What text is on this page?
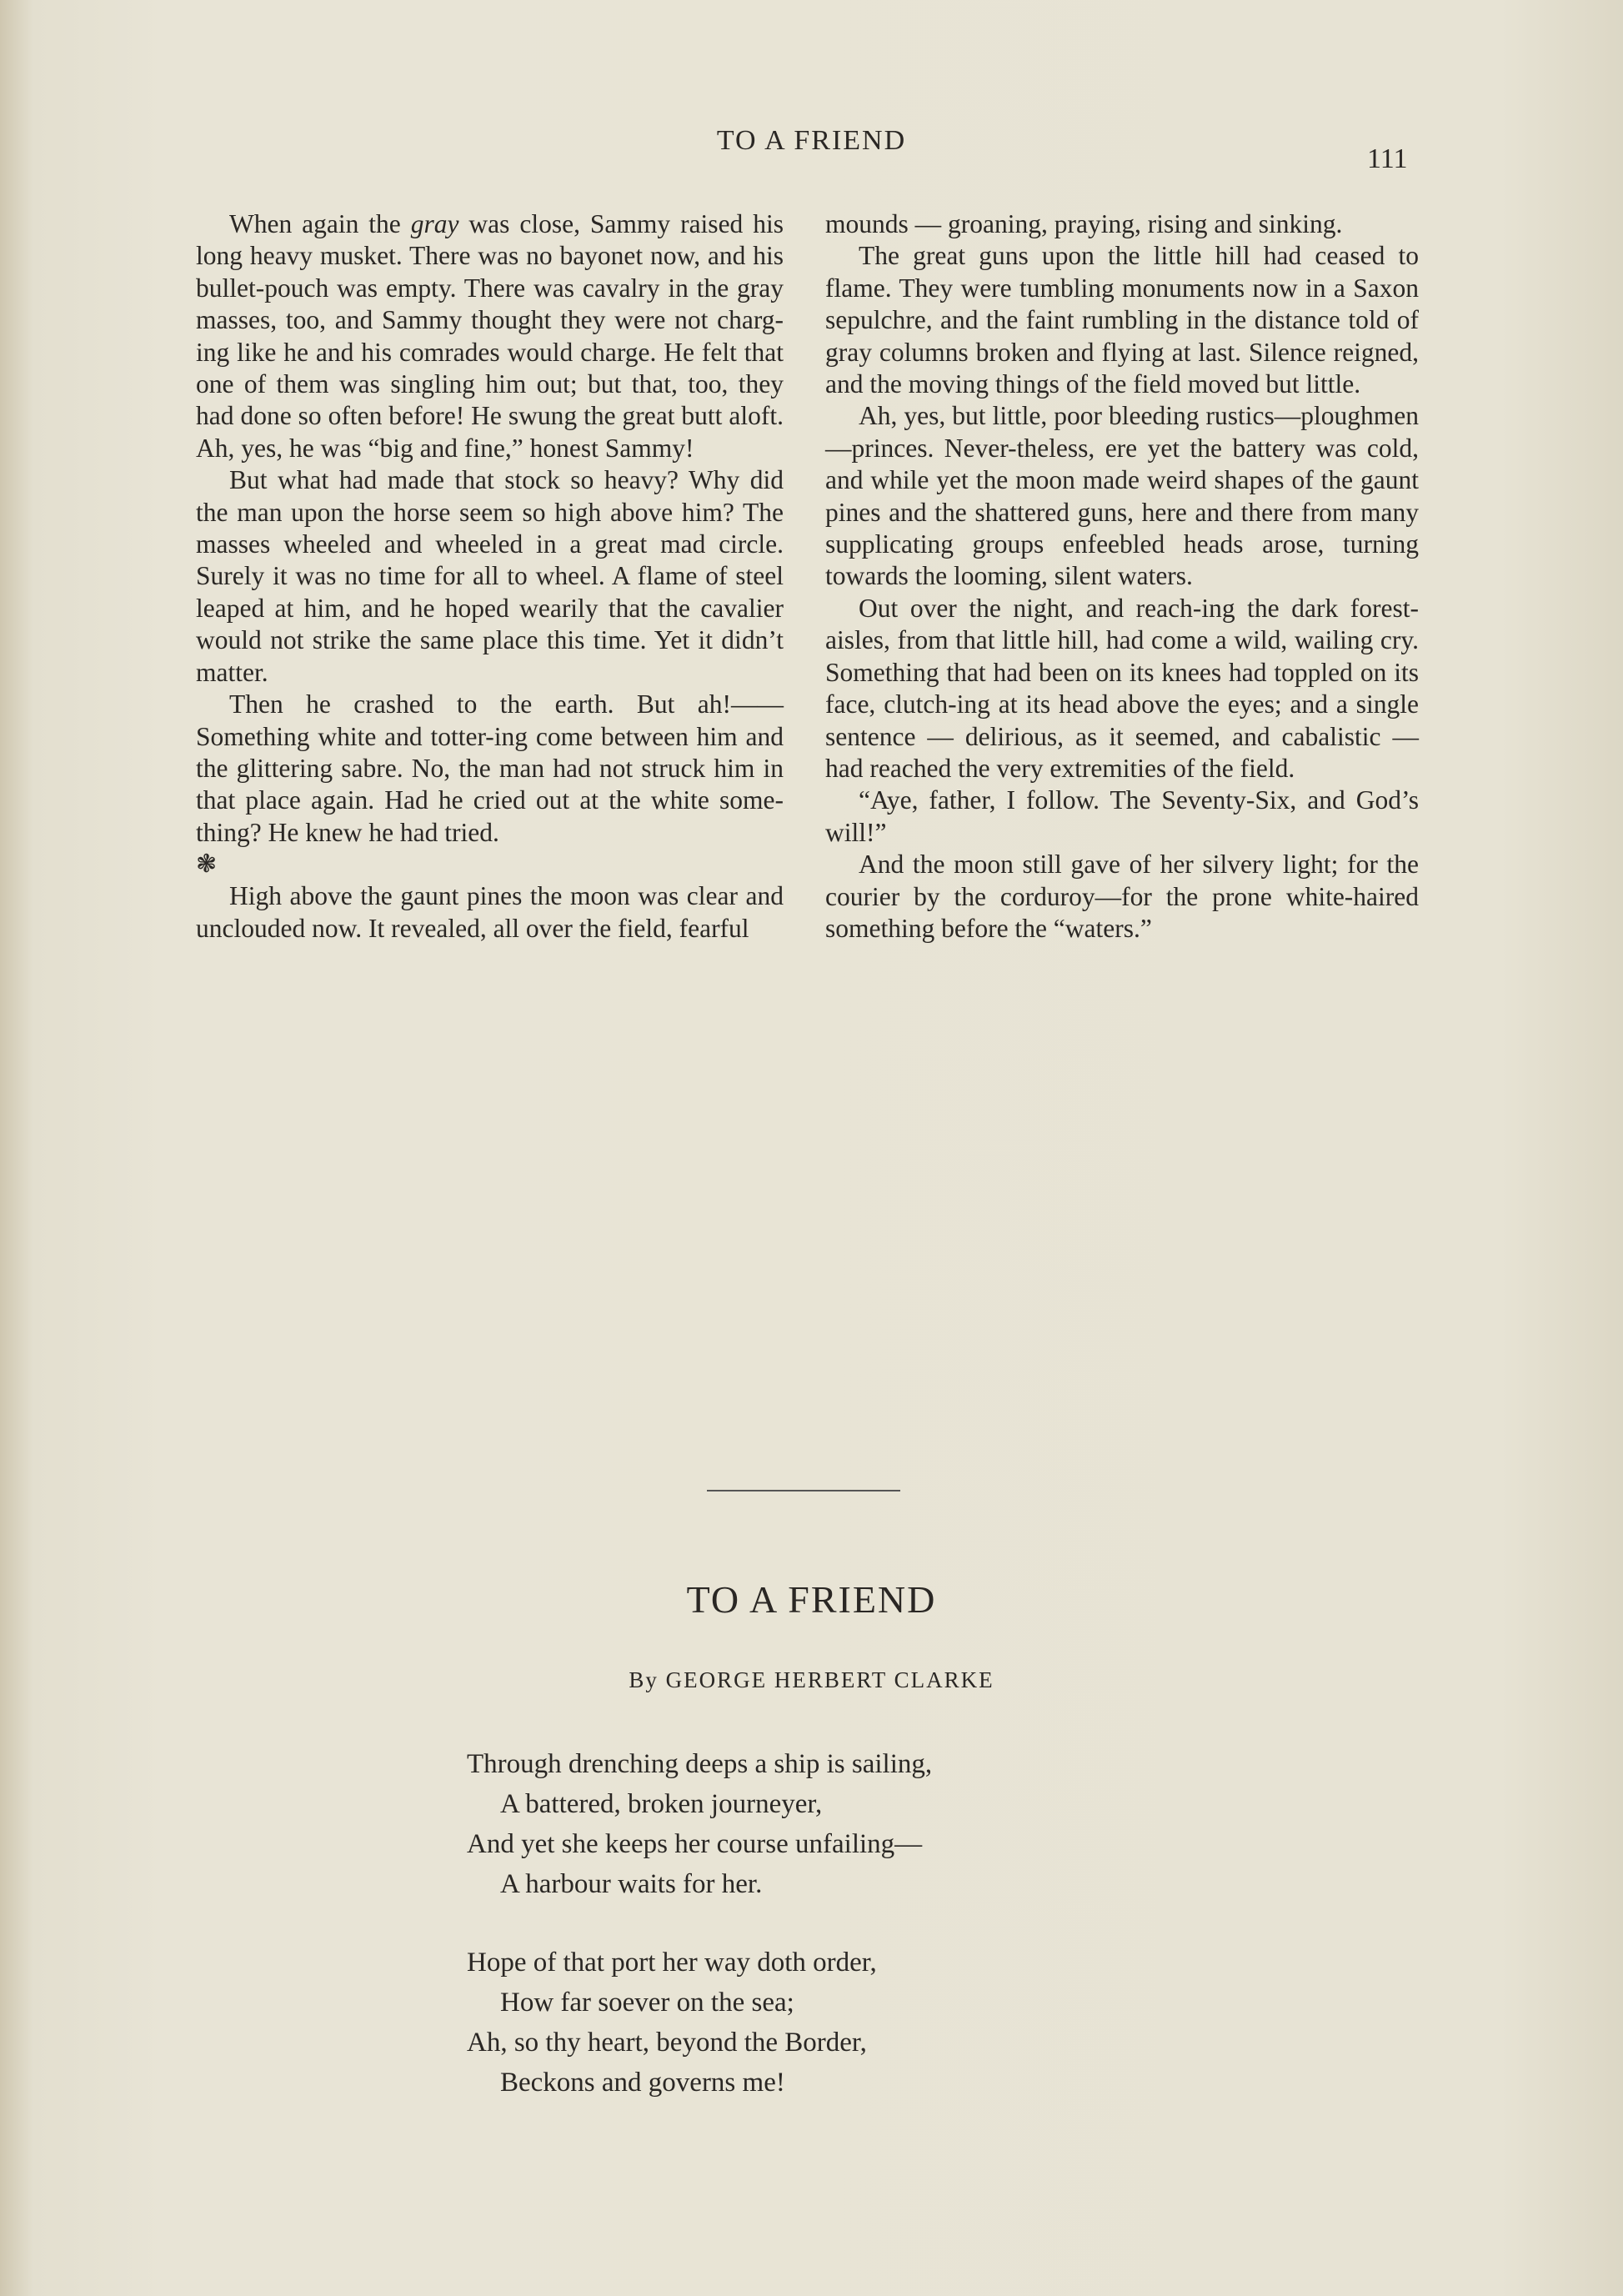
TO A FRIEND
111

When again the gray was close, Sammy raised his long heavy musket. There was no bayonet now, and his bullet-pouch was empty. There was cavalry in the gray masses, too, and Sammy thought they were not charg-ing like he and his comrades would charge. He felt that one of them was singling him out; but that, too, they had done so often before! He swung the great butt aloft. Ah, yes, he was “big and fine,” honest Sammy!

But what had made that stock so heavy? Why did the man upon the horse seem so high above him? The masses wheeled and wheeled in a great mad circle. Surely it was no time for all to wheel. A flame of steel leaped at him, and he hoped wearily that the cavalier would not strike the same place this time. Yet it didn’t matter.

Then he crashed to the earth. But ah!—— Something white and totter-ing come between him and the glittering sabre. No, the man had not struck him in that place again. Had he cried out at the white some-thing? He knew he had tried.

❃

High above the gaunt pines the moon was clear and unclouded now. It revealed, all over the field, fearful

mounds — groaning, praying, rising and sinking.

The great guns upon the little hill had ceased to flame. They were tumbling monuments now in a Saxon sepulchre, and the faint rumbling in the distance told of gray columns broken and flying at last. Silence reigned, and the moving things of the field moved but little.

Ah, yes, but little, poor bleeding rustics—ploughmen—princes. Never-theless, ere yet the battery was cold, and while yet the moon made weird shapes of the gaunt pines and the shattered guns, here and there from many supplicating groups enfeebled heads arose, turning towards the looming, silent waters.

Out over the night, and reach-ing the dark forest-aisles, from that little hill, had come a wild, wailing cry. Something that had been on its knees had toppled on its face, clutch-ing at its head above the eyes; and a single sentence — delirious, as it seemed, and cabalistic — had reached the very extremities of the field.

“Aye, father, I follow. The Seventy-Six, and God’s will!”

And the moon still gave of her silvery light; for the courier by the corduroy—for the prone white-haired something before the “waters.”

TO A FRIEND
By GEORGE HERBERT CLARKE
Through drenching deeps a ship is sailing,
A battered, broken journeyer,
And yet she keeps her course unfailing—
A harbour waits for her.
Hope of that port her way doth order,
How far soever on the sea;
Ah, so thy heart, beyond the Border,
Beckons and governs me!
